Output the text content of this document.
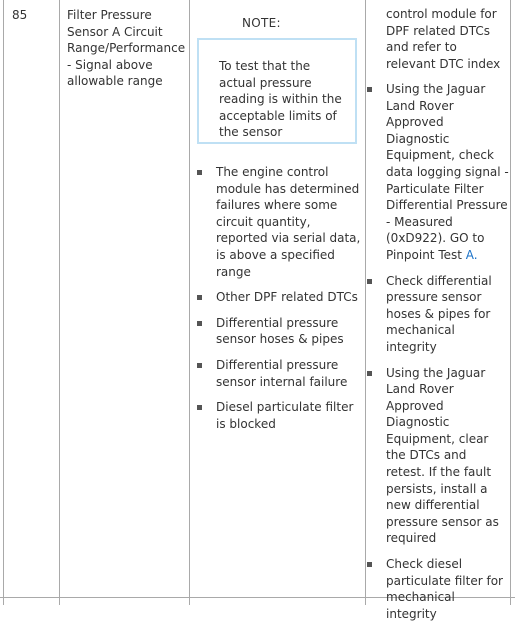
85	Filter Pressure Sensor A Circuit Range/Performance - Signal above allowable range
NOTE:
To test that the actual pressure reading is within the acceptable limits of the sensor
The engine control module has determined failures where some circuit quantity, reported via serial data, is above a specified range
Other DPF related DTCs
Differential pressure sensor hoses & pipes
Differential pressure sensor internal failure
Diesel particulate filter is blocked
control module for DPF related DTCs and refer to relevant DTC index
Using the Jaguar Land Rover Approved Diagnostic Equipment, check data logging signal - Particulate Filter Differential Pressure - Measured (0xD922). GO to Pinpoint Test A.
Check differential pressure sensor hoses & pipes for mechanical integrity
Using the Jaguar Land Rover Approved Diagnostic Equipment, clear the DTCs and retest. If the fault persists, install a new differential pressure sensor as required
Check diesel particulate filter for mechanical integrity
